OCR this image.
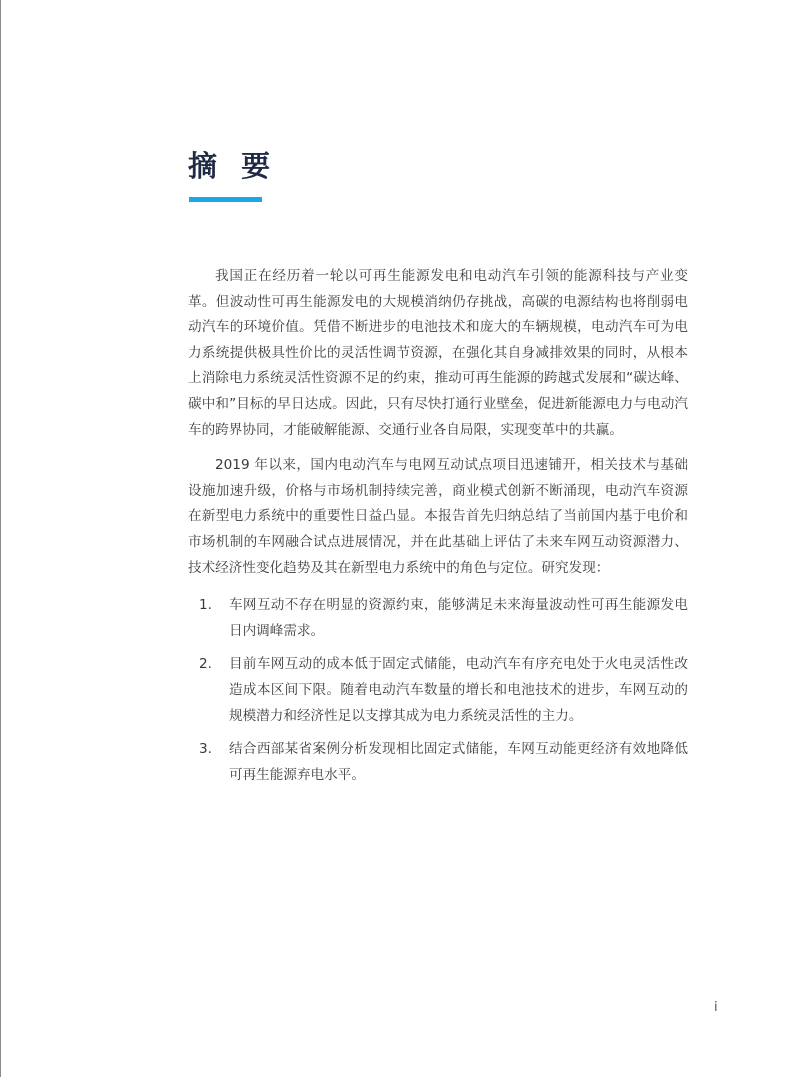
摘 要

我国正在经历着一轮以可再生能源发电和电动汽车引领的能源科技与产业变革。但波动性可再生能源发电的大规模消纳仍存挑战，高碳的电源结构也将削弱电动汽车的环境价值。凭借不断进步的电池技术和庞大的车辆规模，电动汽车可为电力系统提供极具性价比的灵活性调节资源，在强化其自身减排效果的同时，从根本上消除电力系统灵活性资源不足的约束，推动可再生能源的跨越式发展和“碳达峰、碳中和”目标的早日达成。因此，只有尽快打通行业壁垒，促进新能源电力与电动汽车的跨界协同，才能破解能源、交通行业各自局限，实现变革中的共赢。

2019 年以来，国内电动汽车与电网互动试点项目迅速铺开，相关技术与基础设施加速升级，价格与市场机制持续完善，商业模式创新不断涌现，电动汽车资源在新型电力系统中的重要性日益凸显。本报告首先归纳总结了当前国内基于电价和市场机制的车网融合试点进展情况，并在此基础上评估了未来车网互动资源潜力、技术经济性变化趋势及其在新型电力系统中的角色与定位。研究发现：

1. 车网互动不存在明显的资源约束，能够满足未来海量波动性可再生能源发电日内调峰需求。
2. 目前车网互动的成本低于固定式储能，电动汽车有序充电处于火电灵活性改造成本区间下限。随着电动汽车数量的增长和电池技术的进步，车网互动的规模潜力和经济性足以支撑其成为电力系统灵活性的主力。
3. 结合西部某省案例分析发现相比固定式储能，车网互动能更经济有效地降低可再生能源弃电水平。
i
